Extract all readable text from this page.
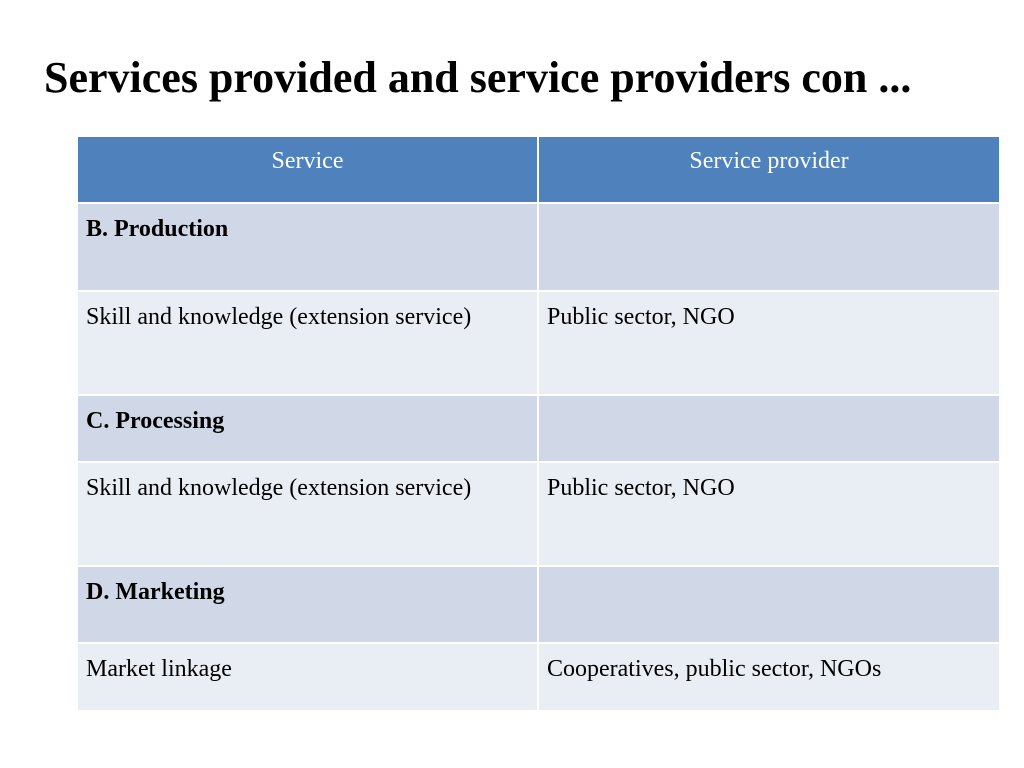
Services provided and service providers con ...
Service	Service provider
B. Production	
Skill and knowledge (extension service)	Public sector, NGO
C. Processing	
Skill and knowledge (extension service)	Public sector, NGO
D. Marketing	
Market linkage	Cooperatives, public sector, NGOs
